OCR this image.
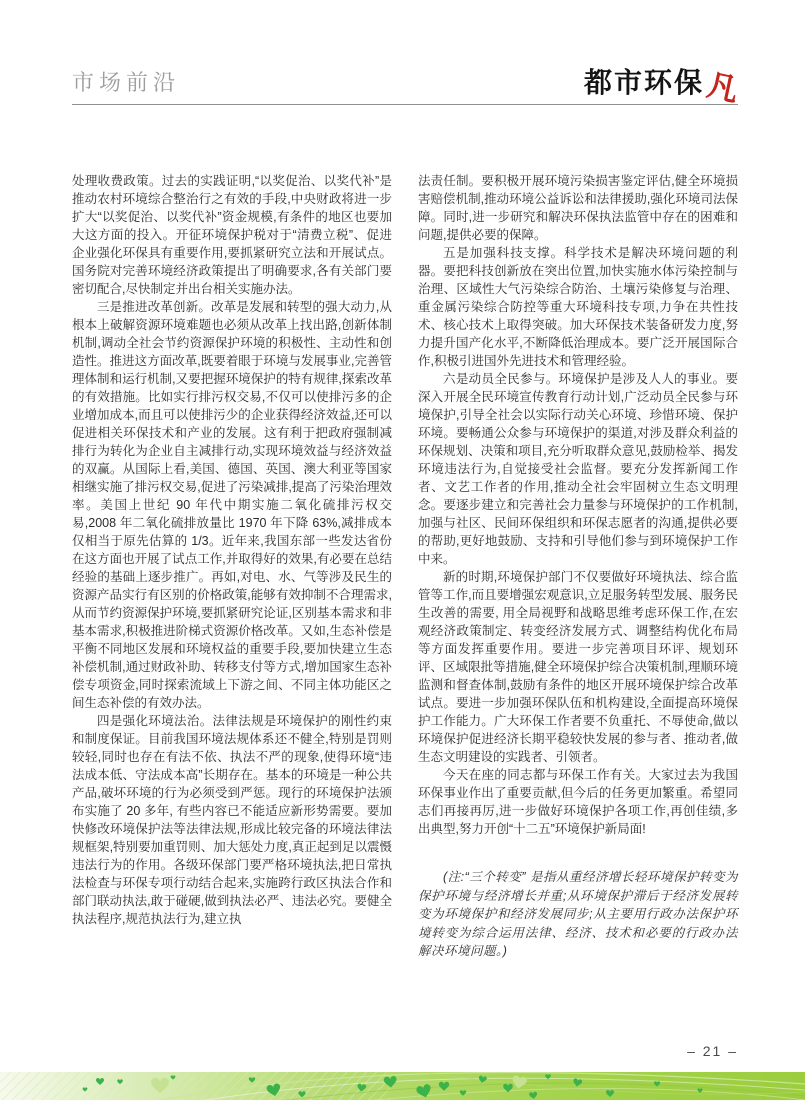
市场前沿	都市环保 凡

处理收费政策。过去的实践证明,“以奖促治、以奖代补”是推动农村环境综合整治行之有效的手段,中央财政将进一步扩大“以奖促治、以奖代补”资金规模,有条件的地区也要加大这方面的投入。开征环境保护税对于“清费立税”、促进企业强化环保具有重要作用,要抓紧研究立法和开展试点。国务院对完善环境经济政策提出了明确要求,各有关部门要密切配合,尽快制定并出台相关实施办法。

三是推进改革创新。改革是发展和转型的强大动力,从根本上破解资源环境难题也必须从改革上找出路,创新体制机制,调动全社会节约资源保护环境的积极性、主动性和创造性。推进这方面改革,既要着眼于环境与发展事业,完善管理体制和运行机制,又要把握环境保护的特有规律,探索改革的有效措施。比如实行排污权交易,不仅可以使排污多的企业增加成本,而且可以使排污少的企业获得经济效益,还可以促进相关环保技术和产业的发展。这有利于把政府强制减排行为转化为企业自主减排行动,实现环境效益与经济效益的双赢。从国际上看,美国、德国、英国、澳大利亚等国家相继实施了排污权交易,促进了污染减排,提高了污染治理效率。美国上世纪 90 年代中期实施二氧化硫排污权交易,2008 年二氧化硫排放量比 1970 年下降 63%,减排成本仅相当于原先估算的 1/3。近年来,我国东部一些发达省份在这方面也开展了试点工作,并取得好的效果,有必要在总结经验的基础上逐步推广。再如,对电、水、气等涉及民生的资源产品实行有区别的价格政策,能够有效抑制不合理需求,从而节约资源保护环境,要抓紧研究论证,区别基本需求和非基本需求,积极推进阶梯式资源价格改革。又如,生态补偿是平衡不同地区发展和环境权益的重要手段,要加快建立生态补偿机制,通过财政补助、转移支付等方式,增加国家生态补偿专项资金,同时探索流域上下游之间、不同主体功能区之间生态补偿的有效办法。

四是强化环境法治。法律法规是环境保护的刚性约束和制度保证。目前我国环境法规体系还不健全,特别是罚则较轻,同时也存在有法不依、执法不严的现象,使得环境“违法成本低、守法成本高”长期存在。基本的环境是一种公共产品,破坏环境的行为必须受到严惩。现行的环境保护法颁布实施了 20 多年, 有些内容已不能适应新形势需要。要加快修改环境保护法等法律法规,形成比较完备的环境法律法规框架,特别要加重罚则、加大惩处力度,真正起到足以震慑违法行为的作用。各级环保部门要严格环境执法,把日常执法检查与环保专项行动结合起来,实施跨行政区执法合作和部门联动执法,敢于碰硬,做到执法必严、违法必究。要健全执法程序,规范执法行为,建立执

法责任制。要积极开展环境污染损害鉴定评估,健全环境损害赔偿机制,推动环境公益诉讼和法律援助,强化环境司法保障。同时,进一步研究和解决环保执法监管中存在的困难和问题,提供必要的保障。

五是加强科技支撑。科学技术是解决环境问题的利器。要把科技创新放在突出位置,加快实施水体污染控制与治理、区域性大气污染综合防治、土壤污染修复与治理、重金属污染综合防控等重大环境科技专项,力争在共性技术、核心技术上取得突破。加大环保技术装备研发力度,努力提升国产化水平,不断降低治理成本。要广泛开展国际合作,积极引进国外先进技术和管理经验。

六是动员全民参与。环境保护是涉及人人的事业。要深入开展全民环境宣传教育行动计划,广泛动员全民参与环境保护,引导全社会以实际行动关心环境、珍惜环境、保护环境。要畅通公众参与环境保护的渠道,对涉及群众利益的环保规划、决策和项目,充分听取群众意见,鼓励检举、揭发环境违法行为,自觉接受社会监督。要充分发挥新闻工作者、文艺工作者的作用,推动全社会牢固树立生态文明理念。要逐步建立和完善社会力量参与环境保护的工作机制,加强与社区、民间环保组织和环保志愿者的沟通,提供必要的帮助,更好地鼓励、支持和引导他们参与到环境保护工作中来。

新的时期,环境保护部门不仅要做好环境执法、综合监管等工作,而且要增强宏观意识,立足服务转型发展、服务民生改善的需要, 用全局视野和战略思维考虑环保工作,在宏观经济政策制定、转变经济发展方式、调整结构优化布局等方面发挥重要作用。要进一步完善项目环评、规划环评、区域限批等措施,健全环境保护综合决策机制,理顺环境监测和督查体制,鼓励有条件的地区开展环境保护综合改革试点。要进一步加强环保队伍和机构建设,全面提高环境保护工作能力。广大环保工作者要不负重托、不辱使命,做以环境保护促进经济长期平稳较快发展的参与者、推动者,做生态文明建设的实践者、引领者。

今天在座的同志都与环保工作有关。大家过去为我国环保事业作出了重要贡献,但今后的任务更加繁重。希望同志们再接再厉,进一步做好环境保护各项工作,再创佳绩,多出典型,努力开创“十二五”环境保护新局面!

(注:“三个转变” 是指从重经济增长轻环境保护转变为保护环境与经济增长并重;从环境保护滞后于经济发展转变为环境保护和经济发展同步;从主要用行政办法保护环境转变为综合运用法律、经济、技术和必要的行政办法解决环境问题。)

– 21 –
